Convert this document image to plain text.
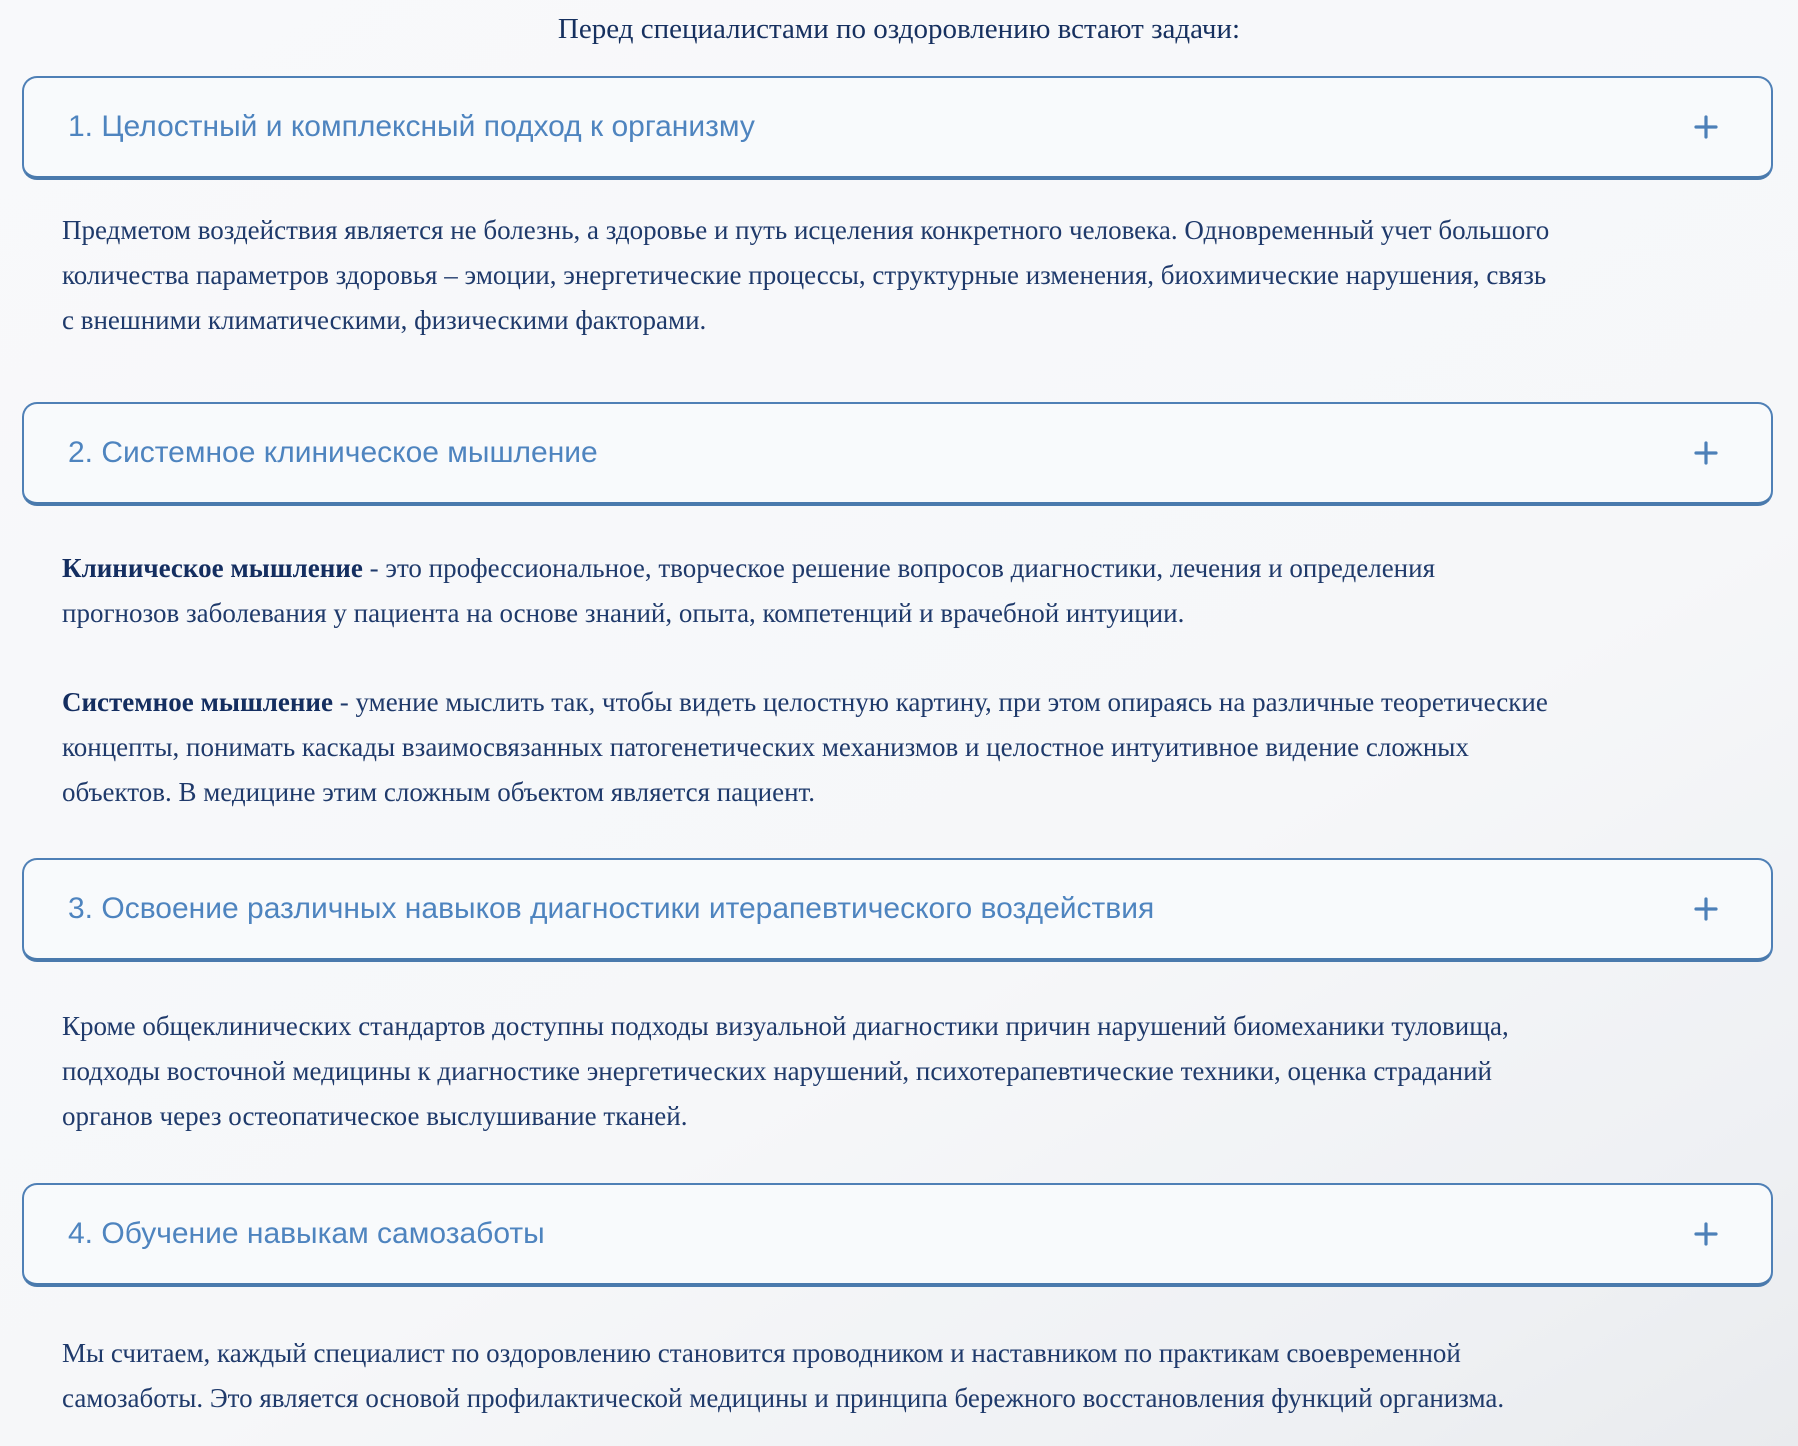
Перед специалистами по оздоровлению встают задачи:
1. Целостный и комплексный подход к организму

Предметом воздействия является не болезнь, а здоровье и путь исцеления конкретного человека. Одновременный учет большого количества параметров здоровья – эмоции, энергетические процессы, структурные изменения, биохимические нарушения, связь с внешними климатическими, физическими факторами.

2. Системное клиническое мышление

Клиническое мышление - это профессиональное, творческое решение вопросов диагностики, лечения и определения прогнозов заболевания у пациента на основе знаний, опыта, компетенций и врачебной интуиции.

Системное мышление - умение мыслить так, чтобы видеть целостную картину, при этом опираясь на различные теоретические концепты, понимать каскады взаимосвязанных патогенетических механизмов и целостное интуитивное видение сложных объектов. В медицине этим сложным объектом является пациент.

3. Освоение различных навыков диагностики итерапевтического воздействия

Кроме общеклинических стандартов доступны подходы визуальной диагностики причин нарушений биомеханики туловища, подходы восточной медицины к диагностике энергетических нарушений, психотерапевтические техники, оценка страданий органов через остеопатическое выслушивание тканей.

4. Обучение навыкам самозаботы

Мы считаем, каждый специалист по оздоровлению становится проводником и наставником по практикам своевременной самозаботы. Это является основой профилактической медицины и принципа бережного восстановления функций организма.
